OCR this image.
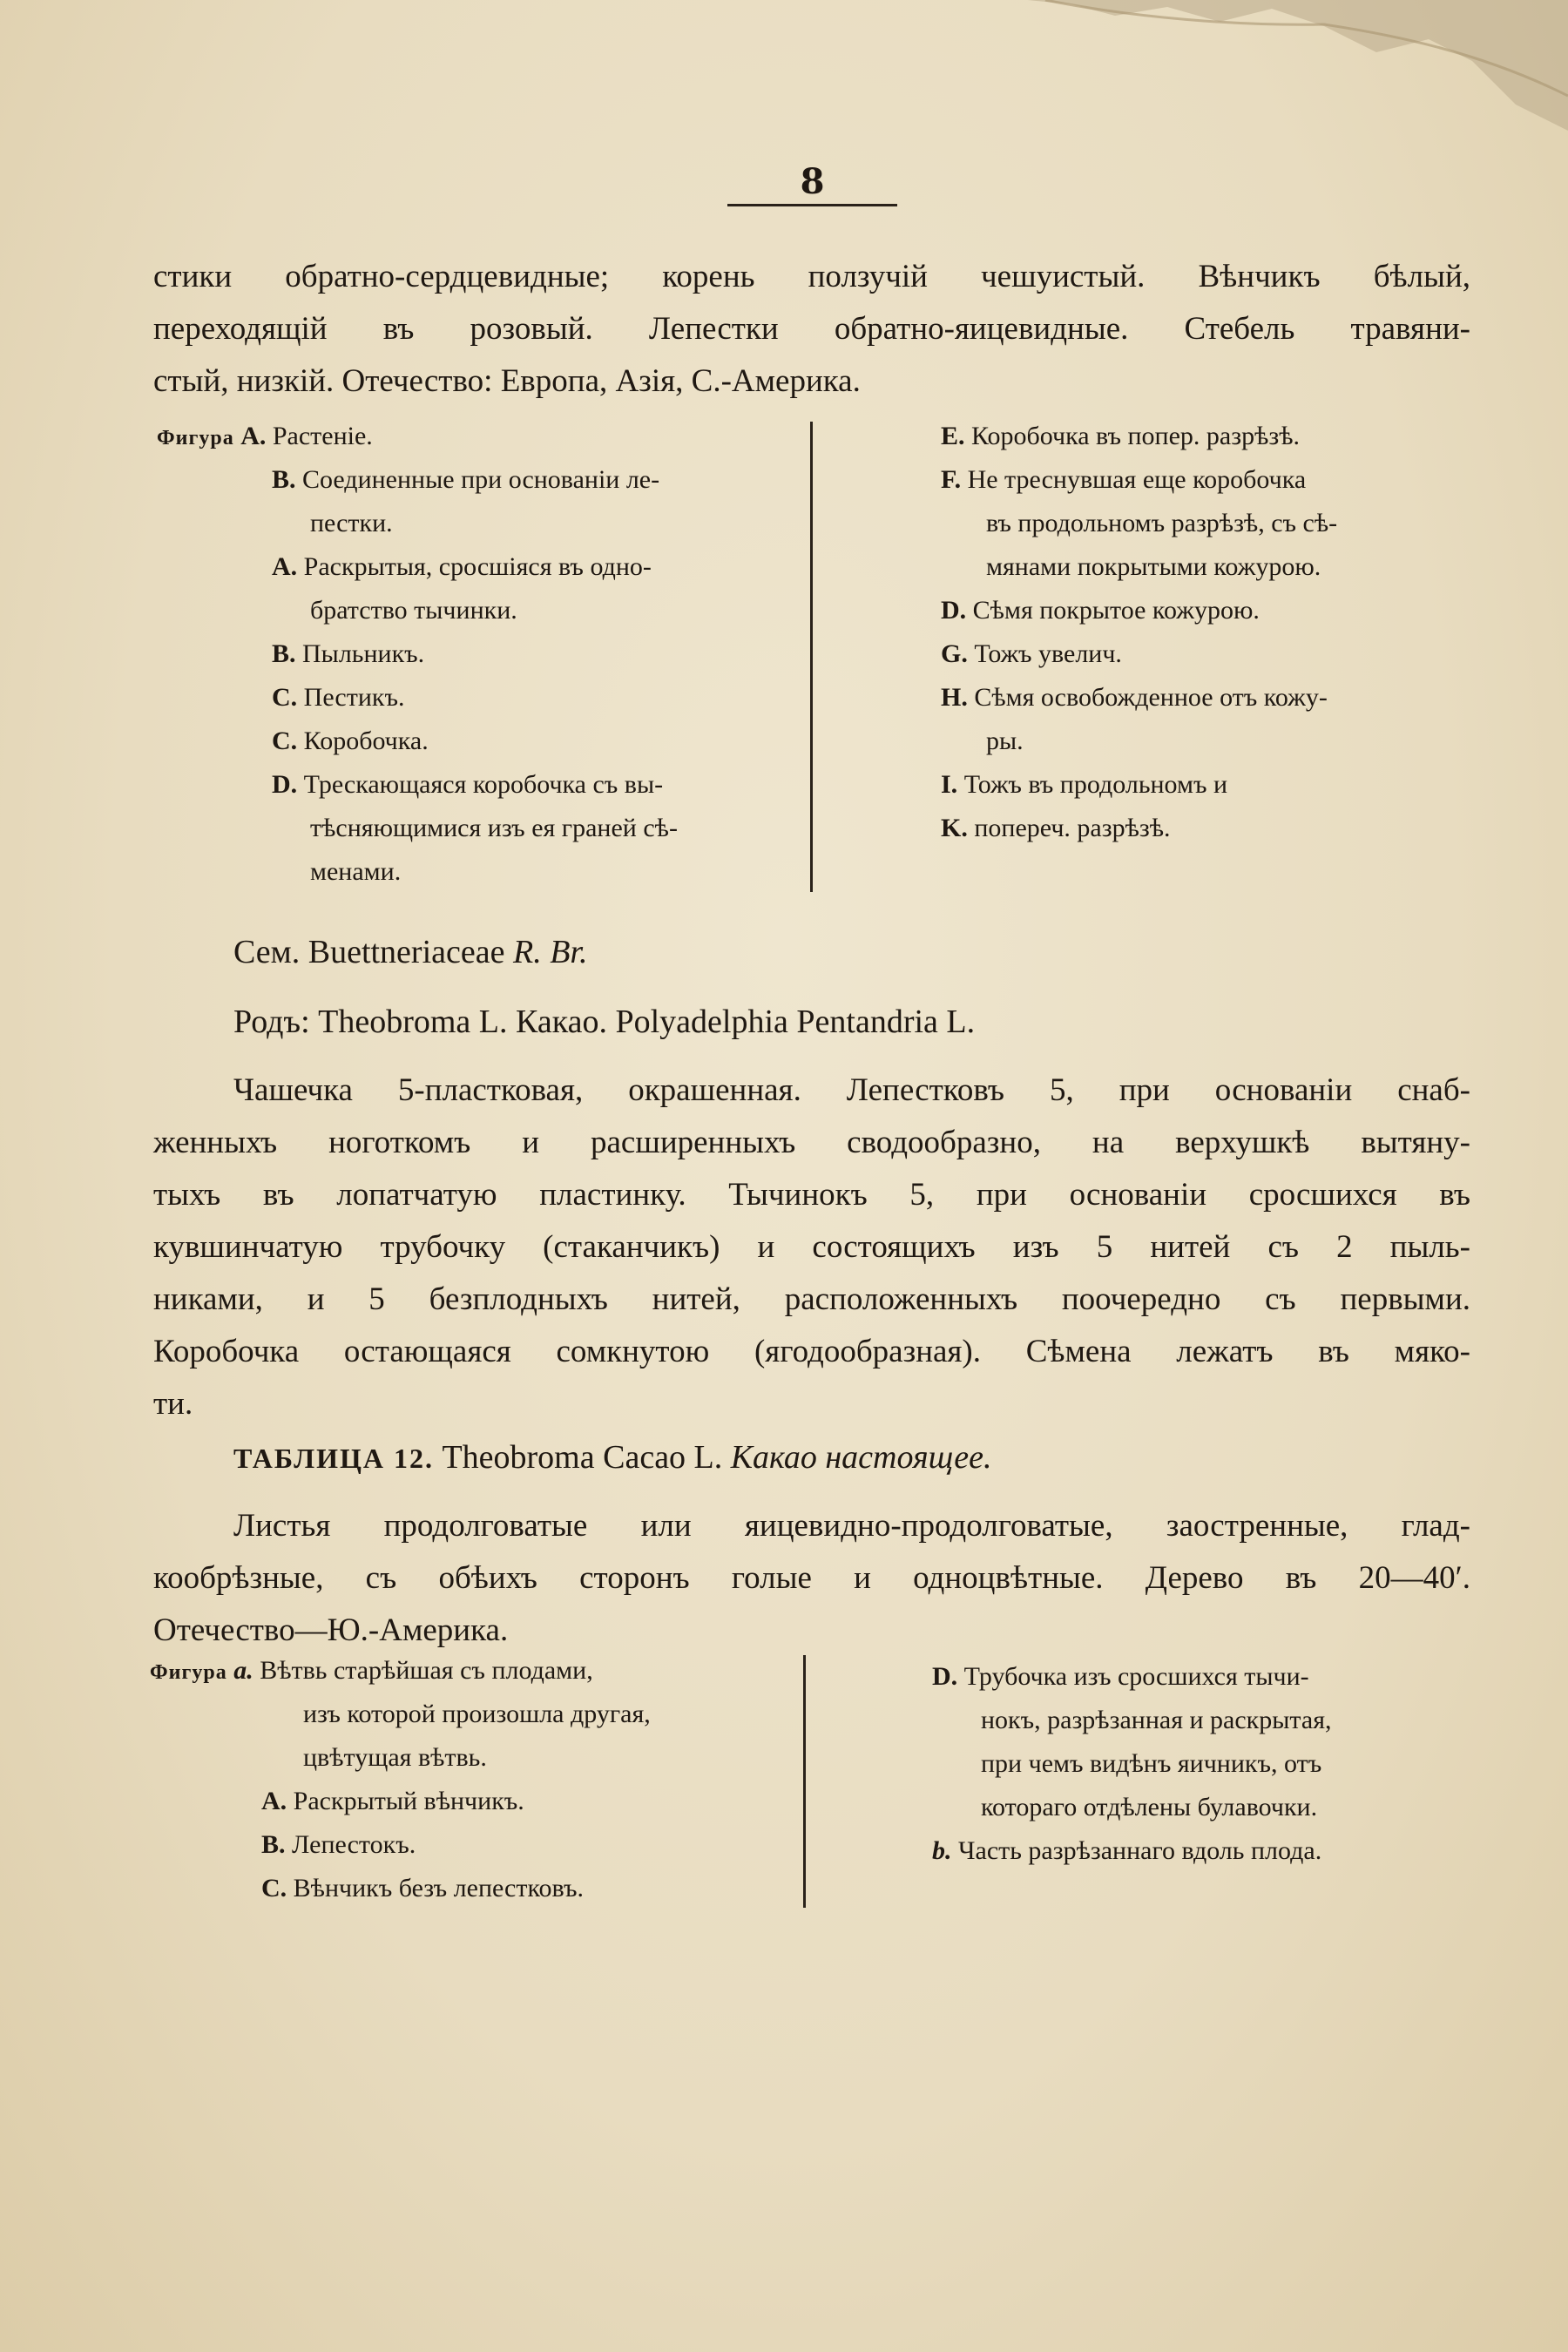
8
стики обратно-сердцевидные; корень ползучій чешуистый. Вѣнчикъ бѣлый,
переходящій въ розовый. Лепестки обратно-яицевидные. Стебель травяни-
стый, низкій. Отечество: Европа, Азія, С.-Америка.
Фигура А. Растеніе.
В. Соединенные при основаніи ле-
пестки.
A. Раскрытыя, сросшіяся въ одно-
братство тычинки.
B. Пыльникъ.
C. Пестикъ.
С. Коробочка.
D. Трескающаяся коробочка съ вы-
тѣсняющимися изъ ея граней сѣ-
менами.
E. Коробочка въ попер. разрѣзѣ.
F. Не треснувшая еще коробочка
въ продольномъ разрѣзѣ, съ сѣ-
мянами покрытыми кожурою.
D. Сѣмя покрытое кожурою.
G. Тожъ увелич.
H. Сѣмя освобожденное отъ кожу-
ры.
I. Тожъ въ продольномъ и
K. попереч. разрѣзѣ.
Сем. Buettneriaceae R. Br.
Родъ: Theobroma L. Какао. Polyadelphia Pentandria L.
Чашечка 5-пластковая, окрашенная. Лепестковъ 5, при основаніи снаб-
женныхъ ноготкомъ и расширенныхъ сводообразно, на верхушкѣ вытяну-
тыхъ въ лопатчатую пластинку. Тычинокъ 5, при основаніи сросшихся въ
кувшинчатую трубочку (стаканчикъ) и состоящихъ изъ 5 нитей съ 2 пыль-
никами, и 5 безплодныхъ нитей, расположенныхъ поочередно съ первыми.
Коробочка остающаяся сомкнутою (ягодообразная). Сѣмена лежатъ въ мяко-
ти.
ТАБЛИЦА 12. Theobroma Cacao L. Какао настоящее.
Листья продолговатые или яицевидно-продолговатые, заостренные, глад-
кообрѣзные, съ обѣихъ сторонъ голые и одноцвѣтные. Дерево въ 20—40′.
Отечество—Ю.-Америка.
Фигура a. Вѣтвь старѣйшая съ плодами,
изъ которой произошла другая,
цвѣтущая вѣтвь.
A. Раскрытый вѣнчикъ.
B. Лепестокъ.
C. Вѣнчикъ безъ лепестковъ.
D. Трубочка изъ сросшихся тычи-
нокъ, разрѣзанная и раскрытая,
при чемъ видѣнъ яичникъ, отъ
котораго отдѣлены булавочки.
b. Часть разрѣзаннаго вдоль плода.
